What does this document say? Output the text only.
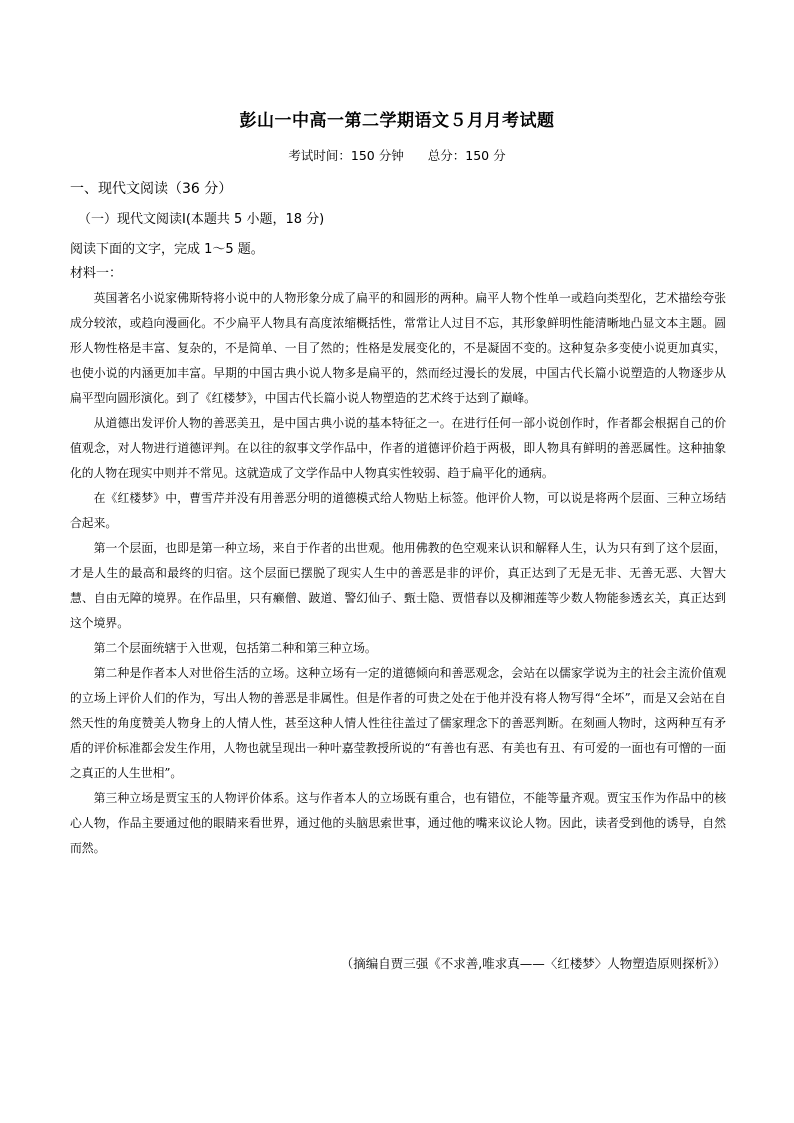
彭山一中高一第二学期语文５月月考试题
考试时间：150 分钟 总分：150 分
一、现代文阅读（36 分）
（一）现代文阅读Ⅰ(本题共 5 小题，18 分)
阅读下面的文字，完成 1～5 题。
材料一：

英国著名小说家佛斯特将小说中的人物形象分成了扁平的和圆形的两种。扁平人物个性单一或趋向类型化，艺术描绘夸张成分较浓，或趋向漫画化。不少扁平人物具有高度浓缩概括性，常常让人过目不忘，其形象鲜明性能清晰地凸显文本主题。圆形人物性格是丰富、复杂的，不是简单、一目了然的；性格是发展变化的，不是凝固不变的。这种复杂多变使小说更加真实，也使小说的内涵更加丰富。早期的中国古典小说人物多是扁平的，然而经过漫长的发展，中国古代长篇小说塑造的人物逐步从扁平型向圆形演化。到了《红楼梦》，中国古代长篇小说人物塑造的艺术终于达到了巅峰。

从道德出发评价人物的善恶美丑，是中国古典小说的基本特征之一。在进行任何一部小说创作时，作者都会根据自己的价值观念，对人物进行道德评判。在以往的叙事文学作品中，作者的道德评价趋于两极，即人物具有鲜明的善恶属性。这种抽象化的人物在现实中则并不常见。这就造成了文学作品中人物真实性较弱、趋于扁平化的通病。

在《红楼梦》中，曹雪芹并没有用善恶分明的道德模式给人物贴上标签。他评价人物，可以说是将两个层面、三种立场结合起来。

第一个层面，也即是第一种立场，来自于作者的出世观。他用佛教的色空观来认识和解释人生，认为只有到了这个层面，才是人生的最高和最终的归宿。这个层面已摆脱了现实人生中的善恶是非的评价，真正达到了无是无非、无善无恶、大智大慧、自由无障的境界。在作品里，只有癞僧、跛道、警幻仙子、甄士隐、贾惜春以及柳湘莲等少数人物能参透玄关，真正达到这个境界。

第二个层面统辖于入世观，包括第二种和第三种立场。

第二种是作者本人对世俗生活的立场。这种立场有一定的道德倾向和善恶观念，会站在以儒家学说为主的社会主流价值观的立场上评价人们的作为，写出人物的善恶是非属性。但是作者的可贵之处在于他并没有将人物写得“全坏”，而是又会站在自然天性的角度赞美人物身上的人情人性，甚至这种人情人性往往盖过了儒家理念下的善恶判断。在刻画人物时，这两种互有矛盾的评价标准都会发生作用，人物也就呈现出一种叶嘉莹教授所说的“有善也有恶、有美也有丑、有可爱的一面也有可憎的一面之真正的人生世相”。

第三种立场是贾宝玉的人物评价体系。这与作者本人的立场既有重合，也有错位，不能等量齐观。贾宝玉作为作品中的核心人物，作品主要通过他的眼睛来看世界，通过他的头脑思索世事，通过他的嘴来议论人物。因此，读者受到他的诱导，自然而然。

（摘编自贾三强《不求善,唯求真——〈红楼梦〉人物塑造原则探析》）
